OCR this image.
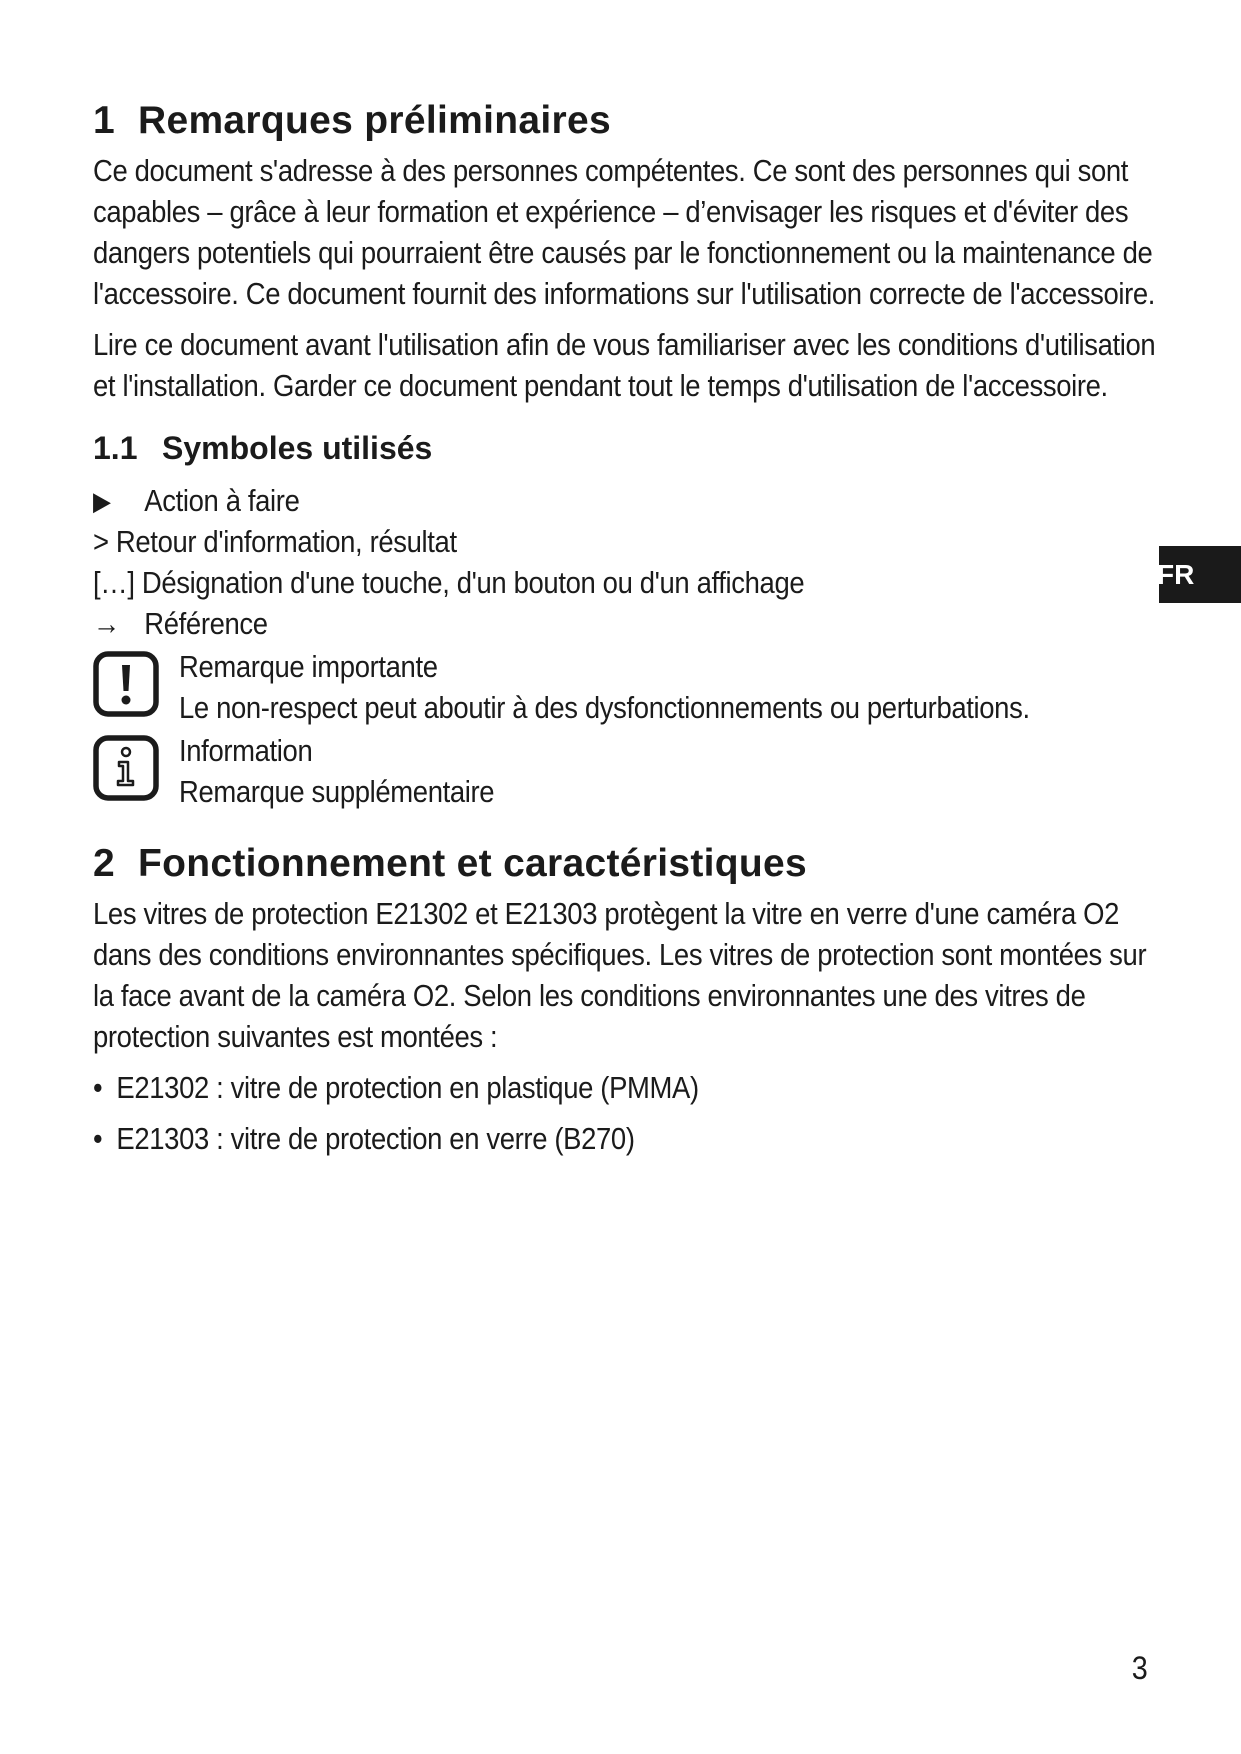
1 Remarques préliminaires

Ce document s'adresse à des personnes compétentes. Ce sont des personnes qui sont capables – grâce à leur formation et expérience – d’envisager les risques et d'éviter des dangers potentiels qui pourraient être causés par le fonctionnement ou la maintenance de l'accessoire. Ce document fournit des informations sur l'utilisation correcte de l'accessoire.

Lire ce document avant l'utilisation afin de vous familiariser avec les conditions d'utilisation et l'installation. Garder ce document pendant tout le temps d'utilisation de l'accessoire.

1.1 Symboles utilisés
▶	Action à faire
> Retour d'information, résultat
[…] Désignation d'une touche, d'un bouton ou d'un affichage
→ Référence
Remarque importante
Le non-respect peut aboutir à des dysfonctionnements ou perturbations.
Information
Remarque supplémentaire
2 Fonctionnement et caractéristiques

Les vitres de protection E21302 et E21303 protègent la vitre en verre d'une caméra O2 dans des conditions environnantes spécifiques. Les vitres de protection sont montées sur la face avant de la caméra O2. Selon les conditions environnantes une des vitres de protection suivantes est montées :

• E21302 : vitre de protection en plastique (PMMA)
• E21303 : vitre de protection en verre (B270)
FR
3
